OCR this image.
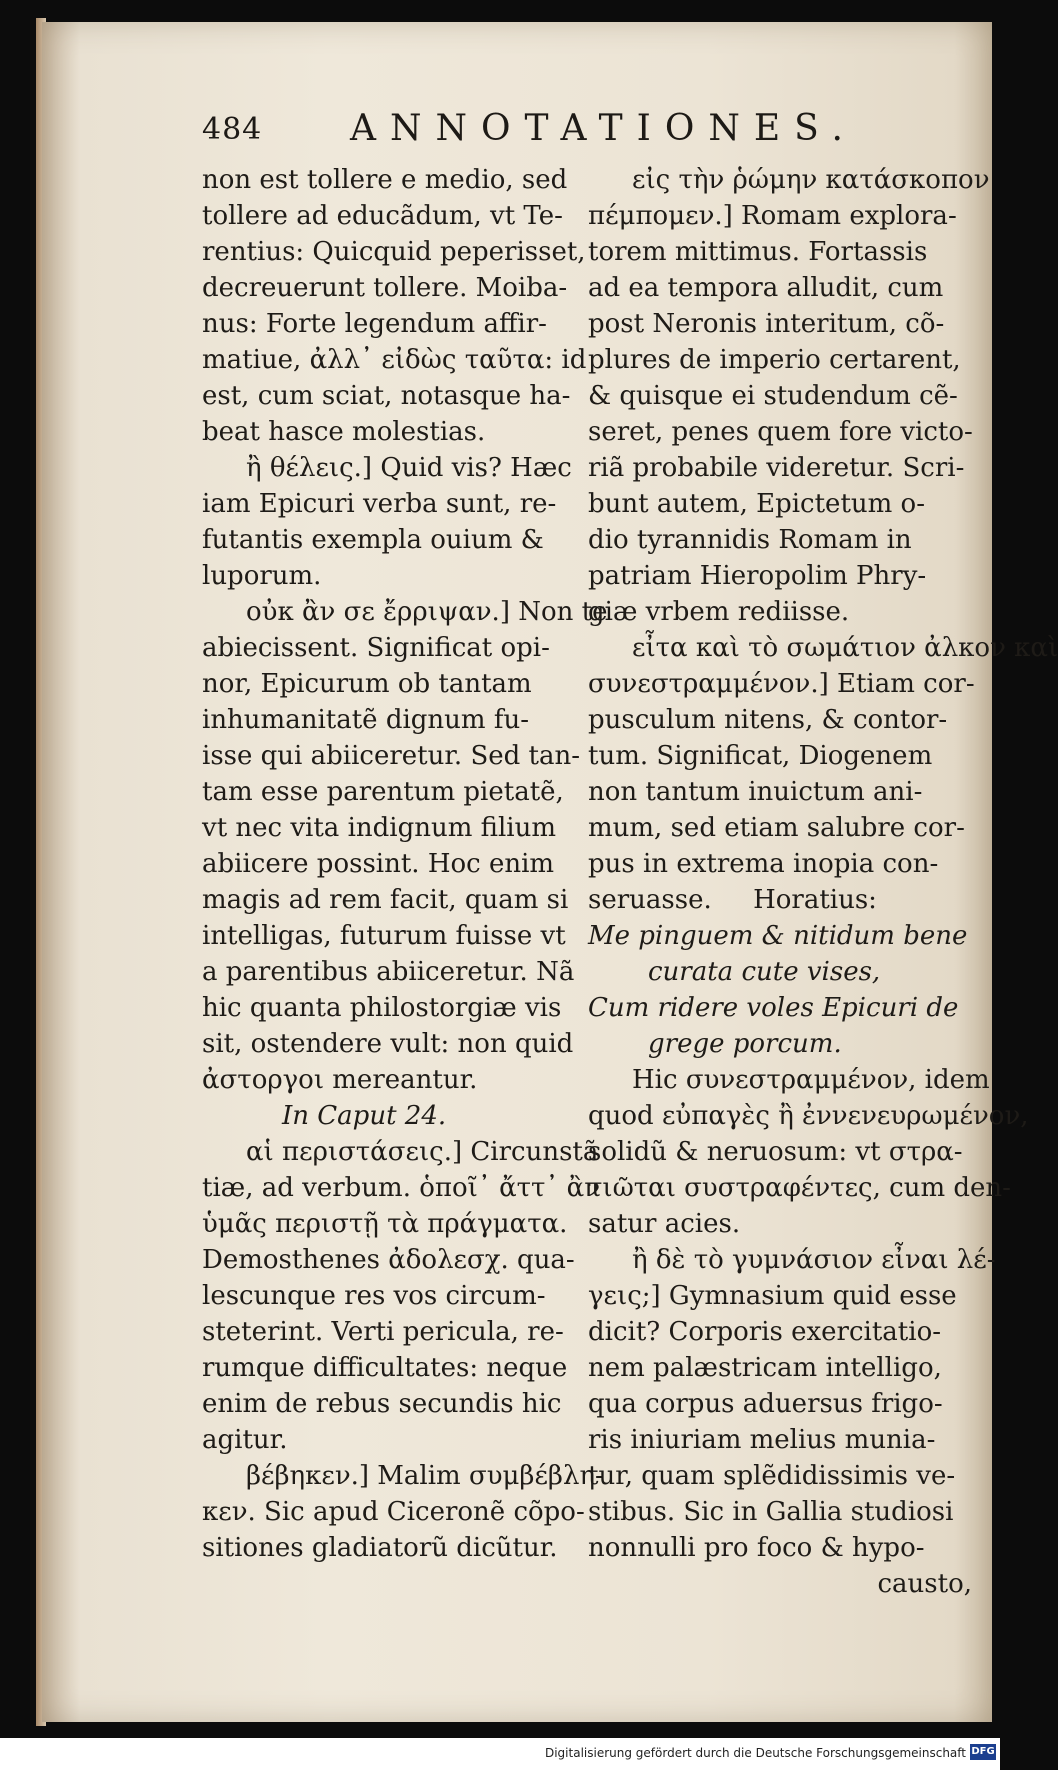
484 ANNOTATIONES.
non est tollere e medio, sed
tollere ad educãdum, vt Te-
rentius: Quicquid peperisset,
decreuerunt tollere. Moiba-
nus: Forte legendum affir-
matiue, ἀλλ᾽ εἰδὼς ταῦτα: id
est, cum sciat, notasque ha-
beat hasce molestias.
ἢ θέλεις.] Quid vis? Hæc
iam Epicuri verba sunt, re-
futantis exempla ouium &
luporum.
οὐκ ἂν σε ἔρριψαν.] Non te
abiecissent. Significat opi-
nor, Epicurum ob tantam
inhumanitatẽ dignum fu-
isse qui abiiceretur. Sed tan-
tam esse parentum pietatẽ,
vt nec vita indignum filium
abiicere possint. Hoc enim
magis ad rem facit, quam si
intelligas, futurum fuisse vt
a parentibus abiiceretur. Nã
hic quanta philostorgiæ vis
sit, ostendere vult: non quid
ἀστοργοι mereantur.
In Caput 24.
αἱ περιστάσεις.] Circunstã
tiæ, ad verbum. ὁποῖ᾽ ἄττ᾽ ἂν
ὑμᾶς περιστῇ τὰ πράγματα.
Demosthenes ἀδολεσχ. qua-
lescunque res vos circum-
steterint. Verti pericula, re-
rumque difficultates: neque
enim de rebus secundis hic
agitur.
βέβηκεν.] Malim συμβέβλη-
κεν. Sic apud Ciceronẽ cõpo-
sitiones gladiatorũ dicũtur.
εἰς τὴν ῥώμην κατάσκοπον
πέμπομεν.] Romam explora-
torem mittimus. Fortassis
ad ea tempora alludit, cum
post Neronis interitum, cõ-
plures de imperio certarent,
& quisque ei studendum cẽ-
seret, penes quem fore victo-
riã probabile videretur. Scri-
bunt autem, Epictetum o-
dio tyrannidis Romam in
patriam Hieropolim Phry-
giæ vrbem rediisse.
εἶτα καὶ τὸ σωμάτιον ἀλκον καὶ
συνεστραμμένον.] Etiam cor-
pusculum nitens, & contor-
tum. Significat, Diogenem
non tantum inuictum ani-
mum, sed etiam salubre cor-
pus in extrema inopia con-
seruasse.     Horatius:
Me pinguem & nitidum bene
curata cute vises,
Cum ridere voles Epicuri de
grege porcum.
Hic συνεστραμμένον, idem
quod εὐπαγὲς ἢ ἐννενευρωμένον,
solidũ & neruosum: vt στρα-
τιῶται συστραφέντες, cum den-
satur acies.
ἢ δὲ τὸ γυμνάσιον εἶναι λέ-
γεις;] Gymnasium quid esse
dicit? Corporis exercitatio-
nem palæstricam intelligo,
qua corpus aduersus frigo-
ris iniuriam melius munia-
tur, quam splẽdidissimis ve-
stibus. Sic in Gallia studiosi
nonnulli pro foco & hypo-
causto,
Digitalisierung gefördert durch die Deutsche Forschungsgemeinschaft DFG
